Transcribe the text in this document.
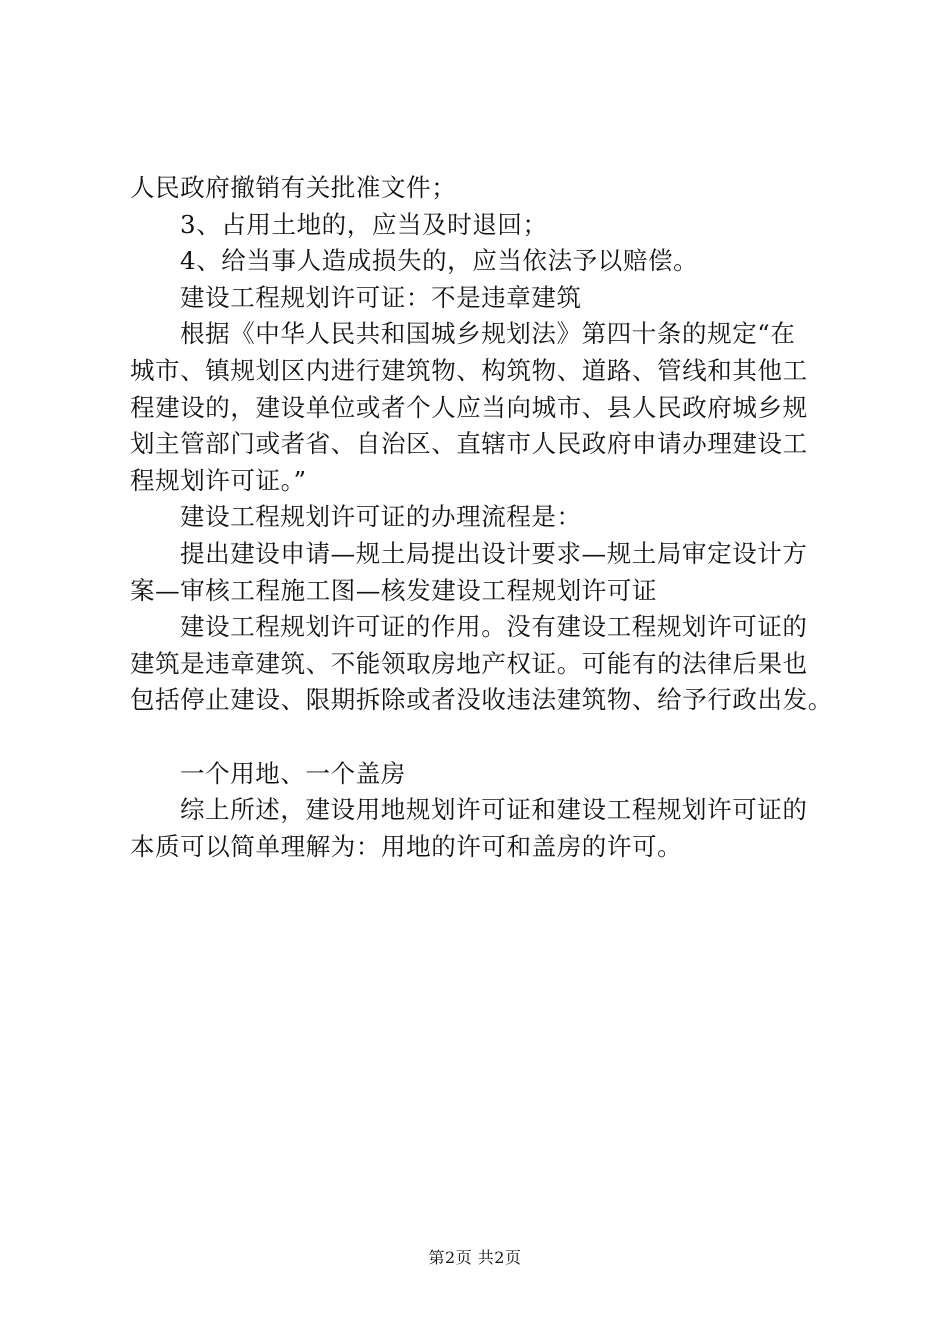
人民政府撤销有关批准文件；
3、占用土地的，应当及时退回；
4、给当事人造成损失的，应当依法予以赔偿。
建设工程规划许可证：不是违章建筑
根据《中华人民共和国城乡规划法》第四十条的规定“在
城市、镇规划区内进行建筑物、构筑物、道路、管线和其他工
程建设的，建设单位或者个人应当向城市、县人民政府城乡规
划主管部门或者省、自治区、直辖市人民政府申请办理建设工
程规划许可证。”
建设工程规划许可证的办理流程是：
提出建设申请—规土局提出设计要求—规土局审定设计方
案—审核工程施工图—核发建设工程规划许可证
建设工程规划许可证的作用。没有建设工程规划许可证的
建筑是违章建筑、不能领取房地产权证。可能有的法律后果也
包括停止建设、限期拆除或者没收违法建筑物、给予行政出发。
一个用地、一个盖房
综上所述，建设用地规划许可证和建设工程规划许可证的
本质可以简单理解为：用地的许可和盖房的许可。
第2页 共2页
